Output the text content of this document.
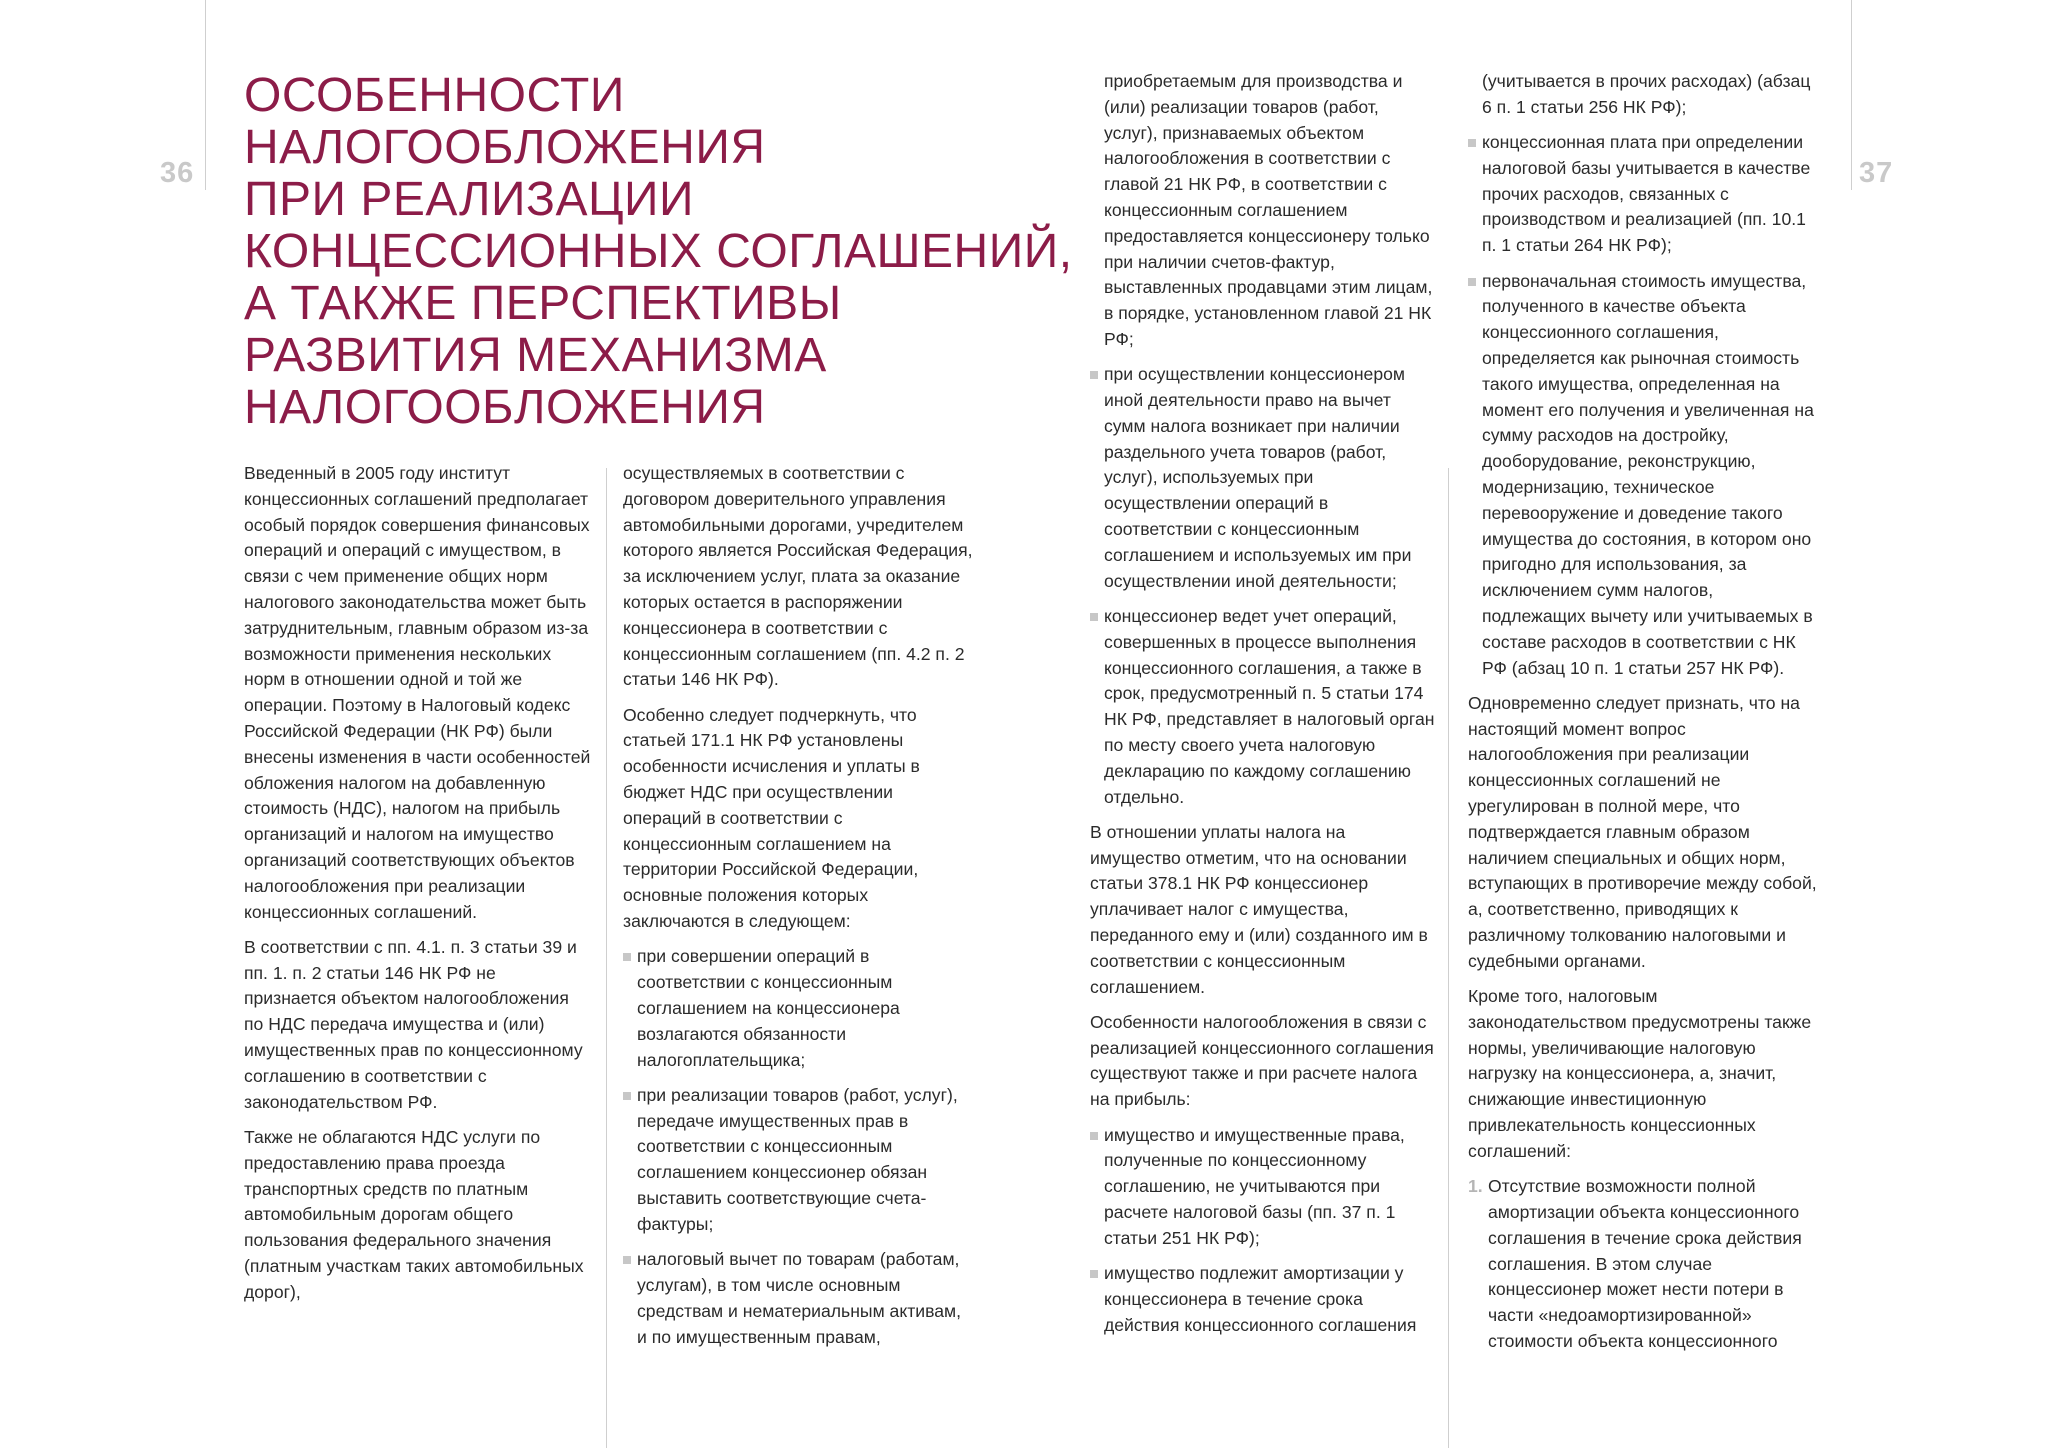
36	37
ОСОБЕННОСТИ
НАЛОГООБЛОЖЕНИЯ
ПРИ РЕАЛИЗАЦИИ
КОНЦЕССИОННЫХ СОГЛАШЕНИЙ,
А ТАКЖЕ ПЕРСПЕКТИВЫ
РАЗВИТИЯ МЕХАНИЗМА
НАЛОГООБЛОЖЕНИЯ

Введенный в 2005 году институт концессионных соглашений предполагает особый порядок совершения финансовых операций и операций с имуществом, в связи с чем применение общих норм налогового законодательства может быть затруднительным, главным образом из-за возможности применения нескольких норм в отношении одной и той же операции. Поэтому в Налоговый кодекс Российской Федерации (НК РФ) были внесены изменения в части особенностей обложения налогом на добавленную стоимость (НДС), налогом на прибыль организаций и налогом на имущество организаций соответствующих объектов налогообложения при реализации концессионных соглашений.

В соответствии с пп. 4.1. п. 3 статьи 39 и пп. 1. п. 2 статьи 146 НК РФ не признается объектом налогообложения по НДС передача имущества и (или) имущественных прав по концессионному соглашению в соответствии с законодательством РФ.

Также не облагаются НДС услуги по предоставлению права проезда транспортных средств по платным автомобильным дорогам общего пользования федерального значения (платным участкам таких автомобильных дорог),

осуществляемых в соответствии с договором доверительного управления автомобильными дорогами, учредителем которого является Российская Федерация, за исключением услуг, плата за оказание которых остается в распоряжении концессионера в соответствии с концессионным соглашением (пп. 4.2 п. 2 статьи 146 НК РФ).

Особенно следует подчеркнуть, что статьей 171.1 НК РФ установлены особенности исчисления и уплаты в бюджет НДС при осуществлении операций в соответствии с концессионным соглашением на территории Российской Федерации, основные положения которых заключаются в следующем:

при совершении операций в соответствии с концессионным соглашением на концессионера возлагаются обязанности налогоплательщика;
при реализации товаров (работ, услуг), передаче имущественных прав в соответствии с концессионным соглашением концессионер обязан выставить соответствующие счета-фактуры;
налоговый вычет по товарам (работам, услугам), в том числе основным средствам и нематериальным активам, и по имущественным правам,

приобретаемым для производства и (или) реализации товаров (работ, услуг), признаваемых объектом налогообложения в соответствии с главой 21 НК РФ, в соответствии с концессионным соглашением предоставляется концессионеру только при наличии счетов-фактур, выставленных продавцами этим лицам, в порядке, установленном главой 21 НК РФ;

при осуществлении концессионером иной деятельности право на вычет сумм налога возникает при наличии раздельного учета товаров (работ, услуг), используемых при осуществлении операций в соответствии с концессионным соглашением и используемых им при осуществлении иной деятельности;
концессионер ведет учет операций, совершенных в процессе выполнения концессионного соглашения, а также в срок, предусмотренный п. 5 статьи 174 НК РФ, представляет в налоговый орган по месту своего учета налоговую декларацию по каждому соглашению отдельно.

В отношении уплаты налога на имущество отметим, что на основании статьи 378.1 НК РФ концессионер уплачивает налог с имущества, переданного ему и (или) созданного им в соответствии с концессионным соглашением.

Особенности налогообложения в связи с реализацией концессионного соглашения существуют также и при расчете налога на прибыль:

имущество и имущественные права, полученные по концессионному соглашению, не учитываются при расчете налоговой базы (пп. 37 п. 1 статьи 251 НК РФ);
имущество подлежит амортизации у концессионера в течение срока действия концессионного соглашения

(учитывается в прочих расходах) (абзац 6 п. 1 статьи 256 НК РФ);

концессионная плата при определении налоговой базы учитывается в качестве прочих расходов, связанных с производством и реализацией (пп. 10.1 п. 1 статьи 264 НК РФ);
первоначальная стоимость имущества, полученного в качестве объекта концессионного соглашения, определяется как рыночная стоимость такого имущества, определенная на момент его получения и увеличенная на сумму расходов на достройку, дооборудование, реконструкцию, модернизацию, техническое перевооружение и доведение такого имущества до состояния, в котором оно пригодно для использования, за исключением сумм налогов, подлежащих вычету или учитываемых в составе расходов в соответствии с НК РФ (абзац 10 п. 1 статьи 257 НК РФ).

Одновременно следует признать, что на настоящий момент вопрос налогообложения при реализации концессионных соглашений не урегулирован в полной мере, что подтверждается главным образом наличием специальных и общих норм, вступающих в противоречие между собой, а, соответственно, приводящих к различному толкованию налоговыми и судебными органами.

Кроме того, налоговым законодательством предусмотрены также нормы, увеличивающие налоговую нагрузку на концессионера, а, значит, снижающие инвестиционную привлекательность концессионных соглашений:

1. Отсутствие возможности полной амортизации объекта концессионного соглашения в течение срока действия соглашения. В этом случае концессионер может нести потери в части «недоамортизированной» стоимости объекта концессионного
